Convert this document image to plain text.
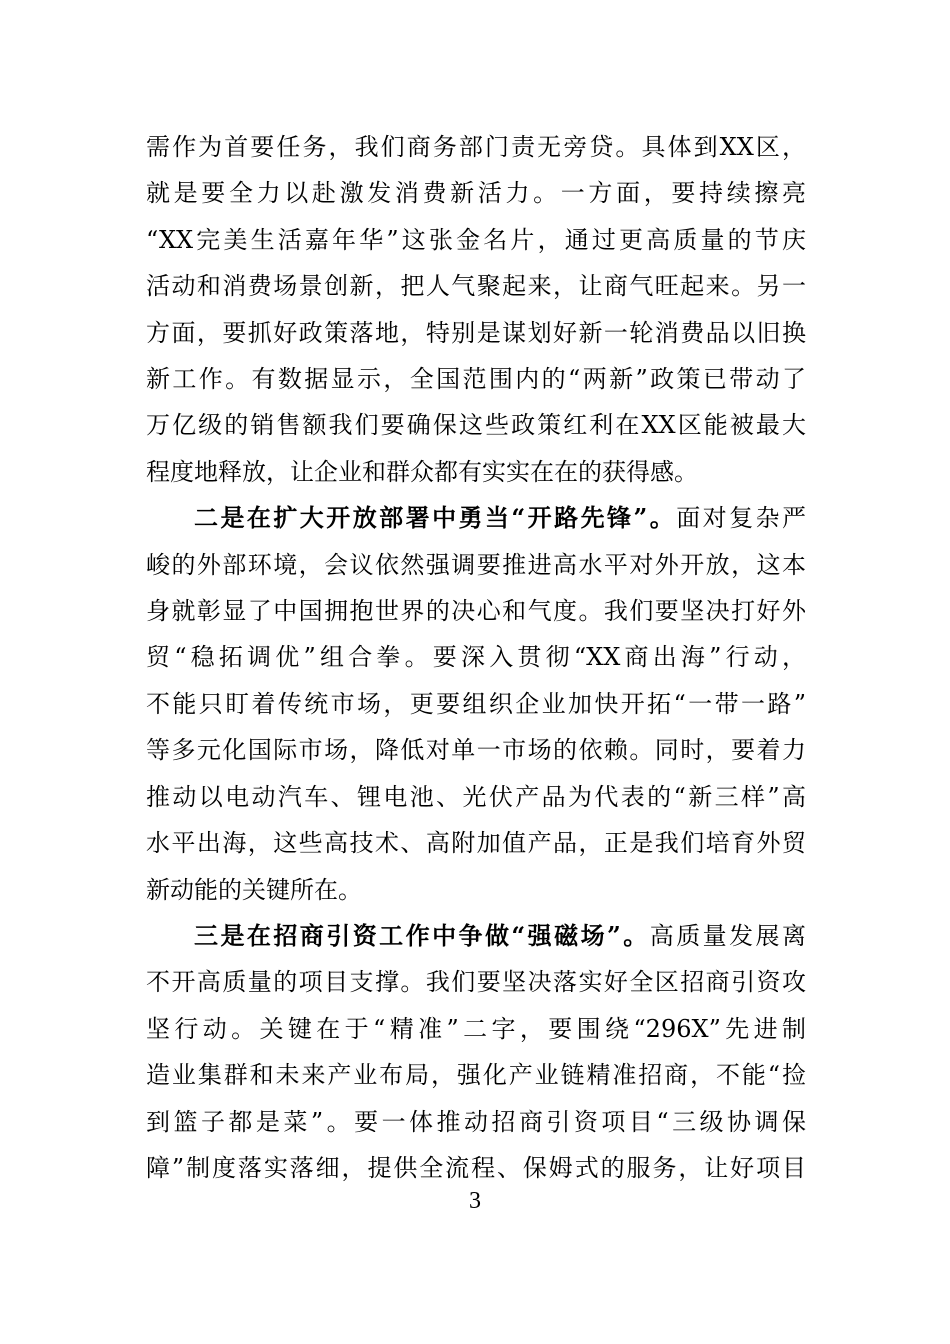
需作为首要任务，我们商务部门责无旁贷。具体到XX区，
就是要全力以赴激发消费新活力。一方面，要持续擦亮
“XX完美生活嘉年华”这张金名片，通过更高质量的节庆
活动和消费场景创新，把人气聚起来，让商气旺起来。另一
方面，要抓好政策落地，特别是谋划好新一轮消费品以旧换
新工作。有数据显示，全国范围内的“两新”政策已带动了
万亿级的销售额我们要确保这些政策红利在XX区能被最大
程度地释放，让企业和群众都有实实在在的获得感。
二是在扩大开放部署中勇当“开路先锋”。面对复杂严
峻的外部环境，会议依然强调要推进高水平对外开放，这本
身就彰显了中国拥抱世界的决心和气度。我们要坚决打好外
贸“稳拓调优”组合拳。要深入贯彻“XX商出海”行动，
不能只盯着传统市场，更要组织企业加快开拓“一带一路”
等多元化国际市场，降低对单一市场的依赖。同时，要着力
推动以电动汽车、锂电池、光伏产品为代表的“新三样”高
水平出海，这些高技术、高附加值产品，正是我们培育外贸
新动能的关键所在。
三是在招商引资工作中争做“强磁场”。高质量发展离
不开高质量的项目支撑。我们要坚决落实好全区招商引资攻
坚行动。关键在于“精准”二字，要围绕“296X”先进制
造业集群和未来产业布局，强化产业链精准招商，不能“捡
到篮子都是菜”。要一体推动招商引资项目“三级协调保
障”制度落实落细，提供全流程、保姆式的服务，让好项目
3
